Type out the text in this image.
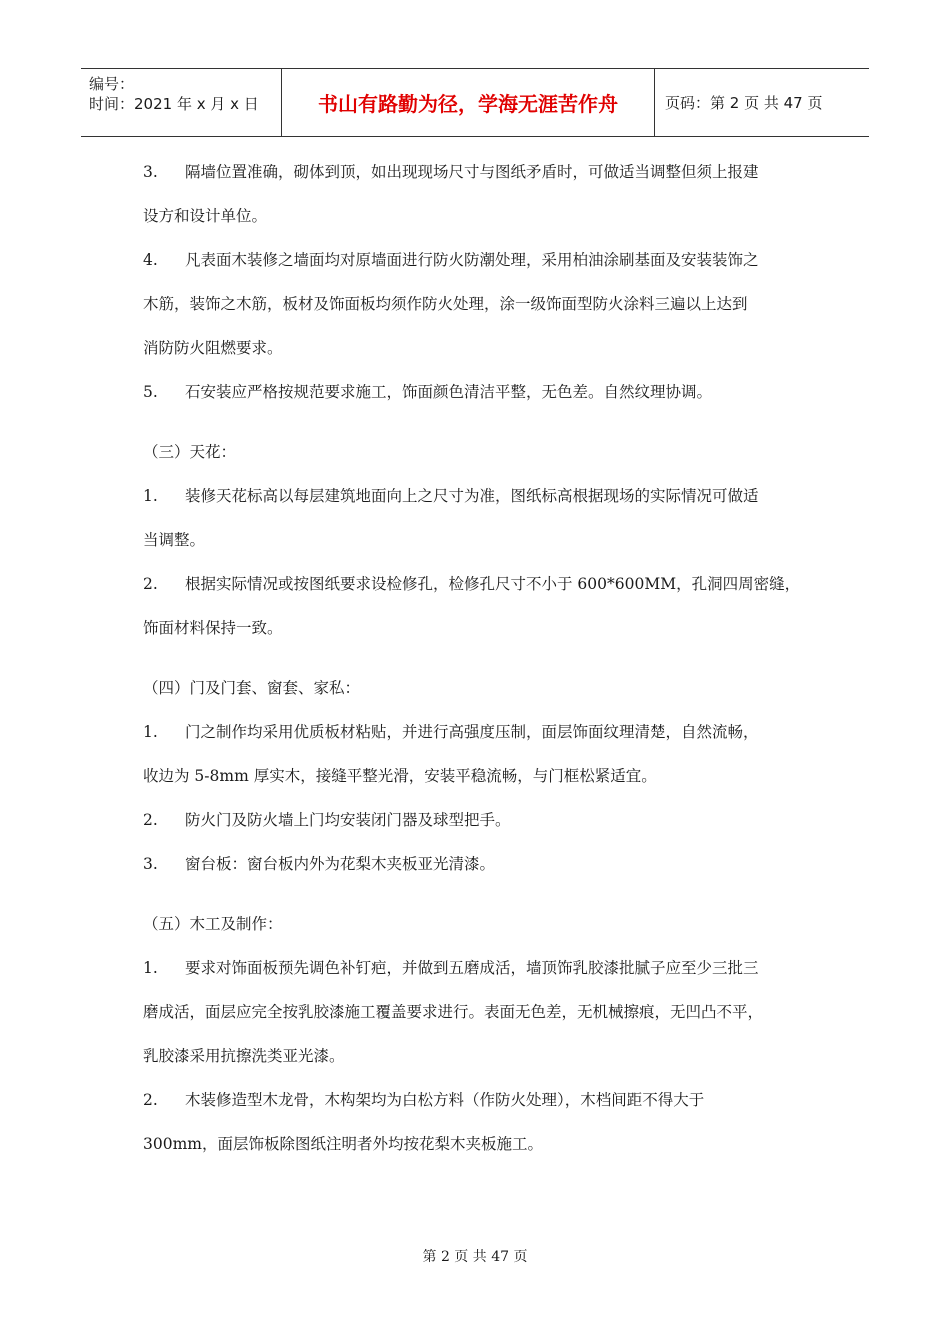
编号：
时间：2021 年 x 月 x 日	书山有路勤为径，学海无涯苦作舟	页码：第 2 页 共 47 页
3. 隔墙位置准确，砌体到顶，如出现现场尺寸与图纸矛盾时，可做适当调整但须上报建
设方和设计单位。
4. 凡表面木装修之墙面均对原墙面进行防火防潮处理，采用柏油涂刷基面及安装装饰之
木筋，装饰之木筋，板材及饰面板均须作防火处理，涂一级饰面型防火涂料三遍以上达到
消防防火阻燃要求。
5. 石安装应严格按规范要求施工，饰面颜色清洁平整，无色差。自然纹理协调。
（三）天花：
1. 装修天花标高以每层建筑地面向上之尺寸为准，图纸标高根据现场的实际情况可做适
当调整。
2. 根据实际情况或按图纸要求设检修孔，检修孔尺寸不小于 600*600MM，孔洞四周密缝，
饰面材料保持一致。
（四）门及门套、窗套、家私：
1. 门之制作均采用优质板材粘贴，并进行高强度压制，面层饰面纹理清楚，自然流畅，
收边为 5-8mm 厚实木，接缝平整光滑，安装平稳流畅，与门框松紧适宜。
2. 防火门及防火墙上门均安装闭门器及球型把手。
3. 窗台板：窗台板内外为花梨木夹板亚光清漆。
（五）木工及制作：
1. 要求对饰面板预先调色补钉疤，并做到五磨成活，墙顶饰乳胶漆批腻子应至少三批三
磨成活，面层应完全按乳胶漆施工覆盖要求进行。表面无色差，无机械擦痕，无凹凸不平，
乳胶漆采用抗擦洗类亚光漆。
2. 木装修造型木龙骨，木构架均为白松方料（作防火处理），木档间距不得大于
300mm，面层饰板除图纸注明者外均按花梨木夹板施工。
第 2 页 共 47 页
